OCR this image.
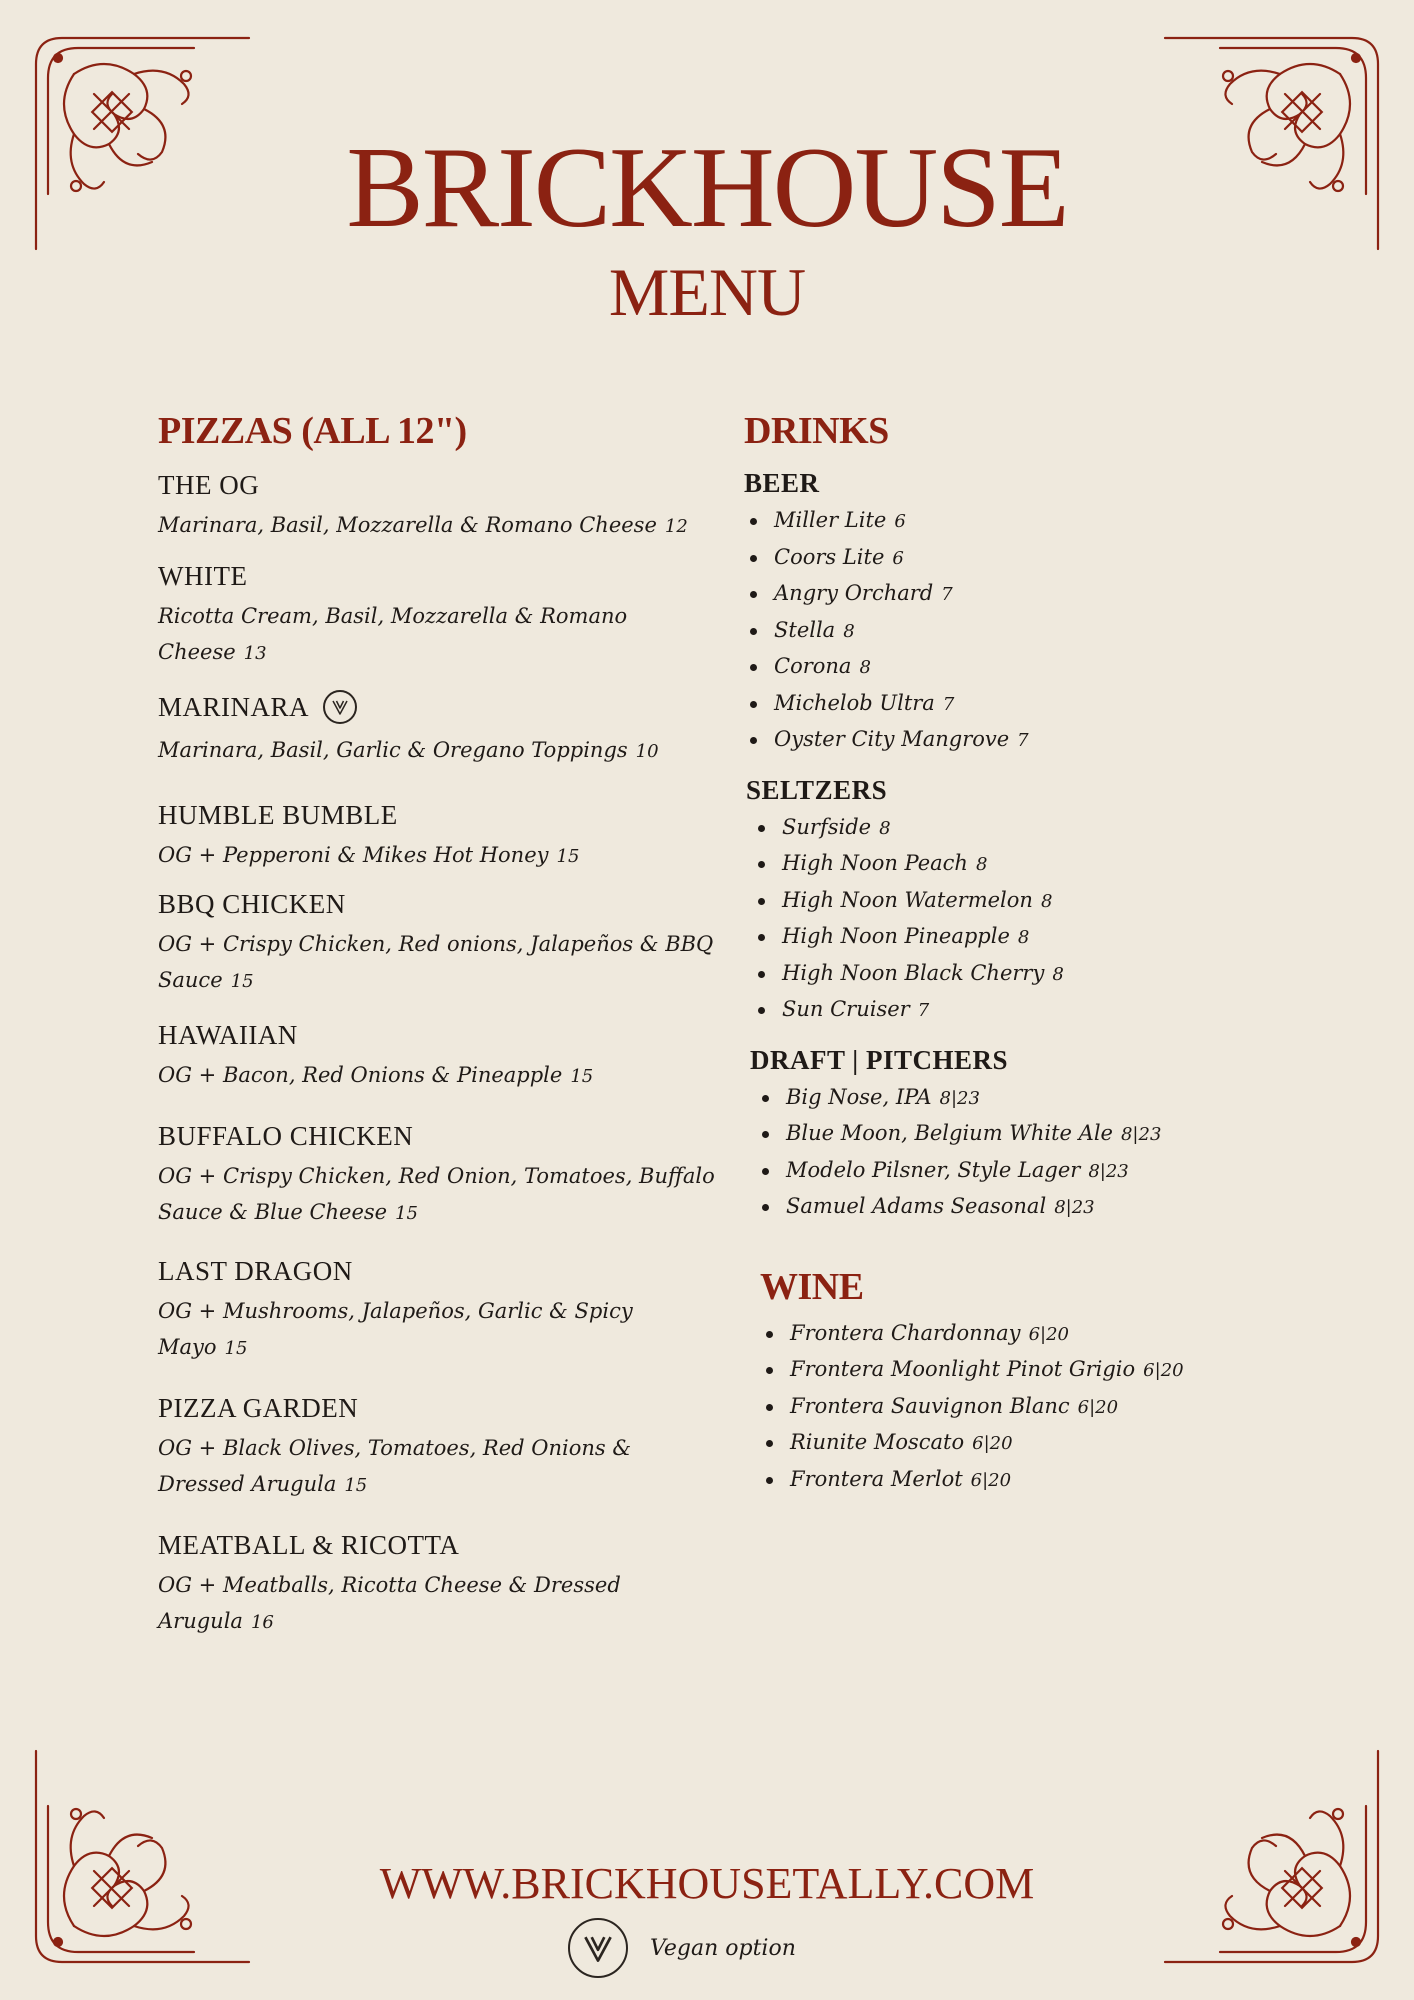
BRICKHOUSE
MENU
PIZZAS (ALL 12")
THE OG

Marinara, Basil, Mozzarella & Romano Cheese 12

WHITE

Ricotta Cream, Basil, Mozzarella & Romano Cheese 13

MARINARA

Marinara, Basil, Garlic & Oregano Toppings 10

HUMBLE BUMBLE

OG + Pepperoni & Mikes Hot Honey 15

BBQ CHICKEN

OG + Crispy Chicken, Red onions, Jalapeños & BBQ Sauce 15

HAWAIIAN

OG + Bacon, Red Onions & Pineapple 15

BUFFALO CHICKEN

OG + Crispy Chicken, Red Onion, Tomatoes, Buffalo Sauce & Blue Cheese 15

LAST DRAGON

OG + Mushrooms, Jalapeños, Garlic & Spicy Mayo 15

PIZZA GARDEN

OG + Black Olives, Tomatoes, Red Onions & Dressed Arugula 15

MEATBALL & RICOTTA

OG + Meatballs, Ricotta Cheese & Dressed Arugula 16

DRINKS
BEER
Miller Lite 6
Coors Lite 6
Angry Orchard 7
Stella 8
Corona 8
Michelob Ultra 7
Oyster City Mangrove 7
SELTZERS
Surfside 8
High Noon Peach 8
High Noon Watermelon 8
High Noon Pineapple 8
High Noon Black Cherry 8
Sun Cruiser 7
DRAFT | PITCHERS
Big Nose, IPA 8|23
Blue Moon, Belgium White Ale 8|23
Modelo Pilsner, Style Lager 8|23
Samuel Adams Seasonal 8|23
WINE
Frontera Chardonnay 6|20
Frontera Moonlight Pinot Grigio 6|20
Frontera Sauvignon Blanc 6|20
Riunite Moscato 6|20
Frontera Merlot 6|20
WWW.BRICKHOUSETALLY.COM
Vegan option
